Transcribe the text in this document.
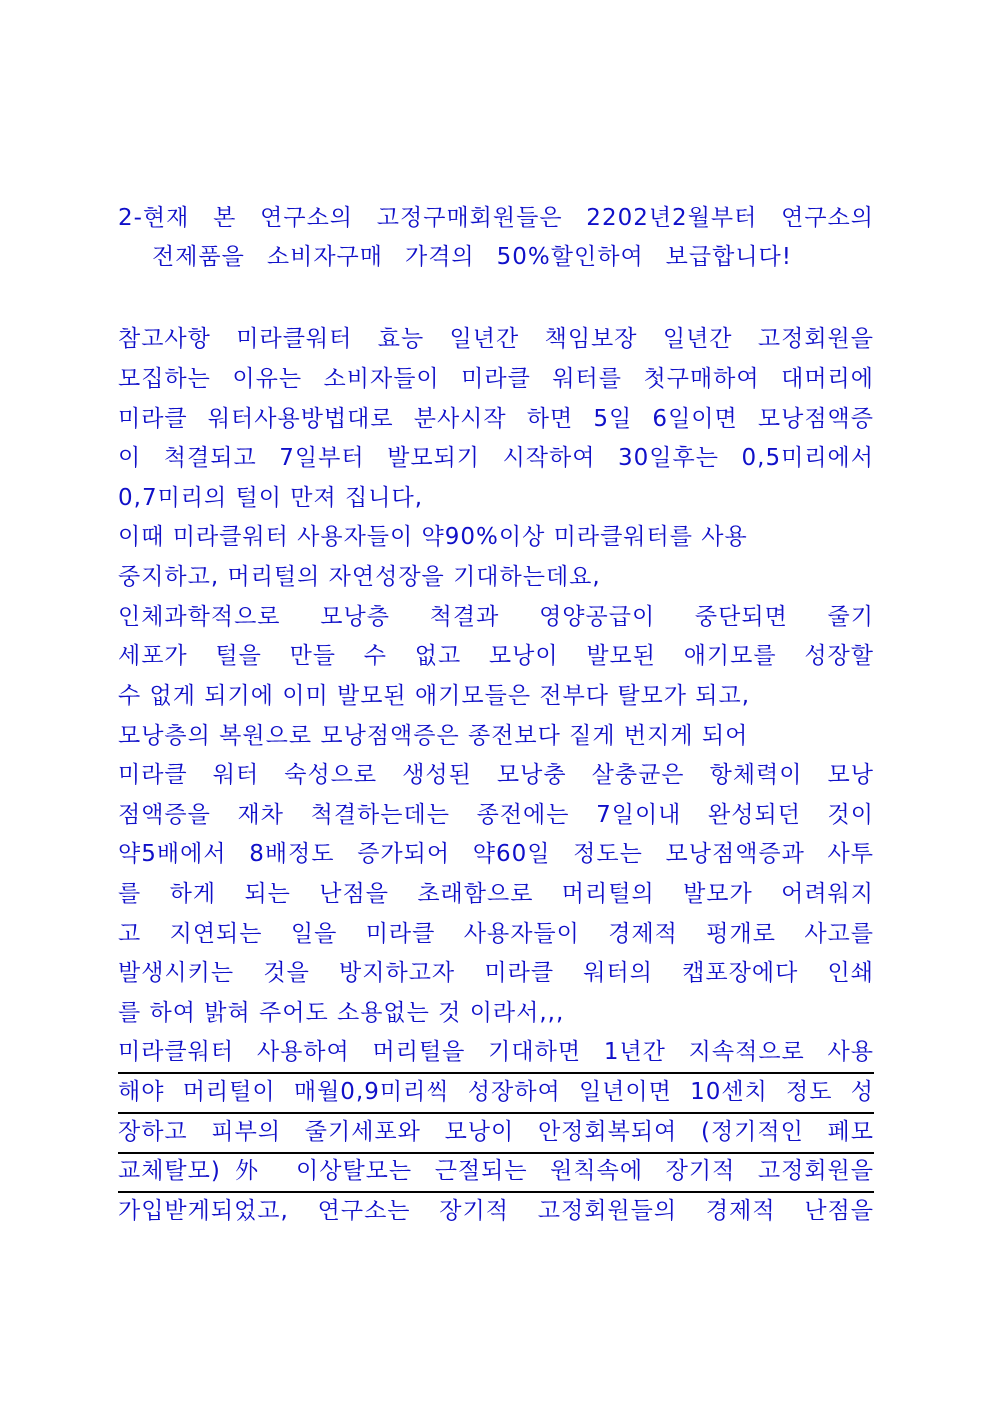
2-현재 본 연구소의 고정구매회원들은 2202년2월부터 연구소의
전제품을 소비자구매 가격의 50%할인하여 보급합니다!
참고사항 미라클워터 효능 일년간 책임보장 일년간 고정회원을
모집하는 이유는 소비자들이 미라클 워터를 첫구매하여 대머리에
미라클 워터사용방법대로 분사시작 하면 5일 6일이면 모낭점액증
이 척결되고 7일부터 발모되기 시작하여 30일후는 0,5미리에서
0,7미리의 털이 만져 집니다,
이때 미라클워터 사용자들이 약90%이상 미라클워터를 사용
중지하고, 머리털의 자연성장을 기대하는데요,
인체과학적으로 모낭층 척결과 영양공급이 중단되면 줄기
세포가 털을 만들 수 없고 모낭이 발모된 애기모를 성장할
수 없게 되기에 이미 발모된 애기모들은 전부다 탈모가 되고,
모낭층의 복원으로 모낭점액증은 종전보다 짙게 번지게 되어
미라클 워터 숙성으로 생성된 모낭충 살충균은 항체력이 모낭
점액증을 재차 척결하는데는 종전에는 7일이내 완성되던 것이
약5배에서 8배정도 증가되어 약60일 정도는 모낭점액증과 사투
를 하게 되는 난점을 초래함으로 머리털의 발모가 어려워지
고 지연되는 일을 미라클 사용자들이 경제적 펑개로 사고를
발생시키는 것을 방지하고자 미라클 워터의 캡포장에다 인쇄
를 하여 밝혀 주어도 소용없는 것 이라서,,,
미라클워터 사용하여 머리털을 기대하면 1년간 지속적으로 사용
해야 머리털이 매월0,9미리씩 성장하여 일년이면 10센치 정도 성
장하고 피부의 줄기세포와 모낭이 안정회복되여 (정기적인 페모
교체탈모)外 이상탈모는 근절되는 원칙속에 장기적 고정회원을
가입받게되었고, 연구소는 장기적 고정회원들의 경제적 난점을
